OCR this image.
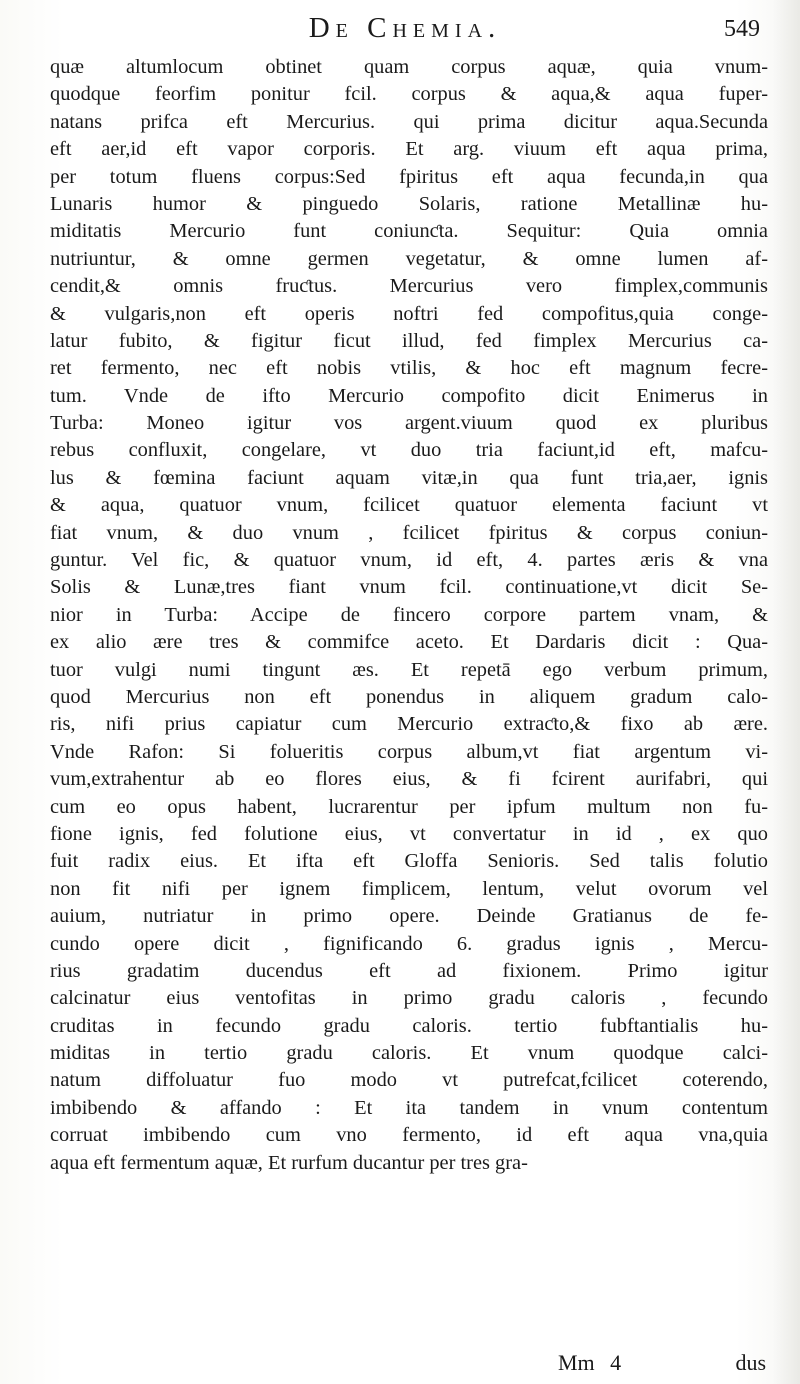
De Chemia.	549
quæ altumlocum obtinet quam corpus aquæ, quia vnum-
quodque feorfim ponitur fcil. corpus & aqua,& aqua fuper-
natans prifca eft Mercurius. qui prima dicitur aqua.Secunda
eft aer,id eft vapor corporis. Et arg. viuum eft aqua prima,
per totum fluens corpus:Sed fpiritus eft aqua fecunda,in qua
Lunaris humor & pinguedo Solaris, ratione Metallinæ hu-
miditatis Mercurio funt coniunƈta. Sequitur: Quia omnia
nutriuntur, & omne germen vegetatur, & omne lumen af-
cendit,& omnis fruƈtus. Mercurius vero fimplex,communis
& vulgaris,non eft operis noftri fed compofitus,quia conge-
latur fubito, & figitur ficut illud, fed fimplex Mercurius ca-
ret fermento, nec eft nobis vtilis, & hoc eft magnum fecre-
tum. Vnde de ifto Mercurio compofito dicit Enimerus in
Turba: Moneo igitur vos argent.viuum quod ex pluribus
rebus confluxit, congelare, vt duo tria faciunt,id eft, mafcu-
lus & fœmina faciunt aquam vitæ,in qua funt tria,aer, ignis
& aqua, quatuor vnum, fcilicet quatuor elementa faciunt vt
fiat vnum, & duo vnum , fcilicet fpiritus & corpus coniun-
guntur. Vel fic, & quatuor vnum, id eft, 4. partes æris & vna
Solis & Lunæ,tres fiant vnum fcil. continuatione,vt dicit Se-
nior in Turba: Accipe de fincero corpore partem vnam, &
ex alio ære tres & commifce aceto. Et Dardaris dicit : Qua-
tuor vulgi numi tingunt æs. Et repetā ego verbum primum,
quod Mercurius non eft ponendus in aliquem gradum calo-
ris, nifi prius capiatur cum Mercurio extraƈto,& fixo ab ære.
Vnde Rafon: Si folueritis corpus album,vt fiat argentum vi-
vum,extrahentur ab eo flores eius, & fi fcirent aurifabri, qui
cum eo opus habent, lucrarentur per ipfum multum non fu-
fione ignis, fed folutione eius, vt convertatur in id , ex quo
fuit radix eius. Et ifta eft Gloffa Senioris. Sed talis folutio
non fit nifi per ignem fimplicem, lentum, velut ovorum vel
auium, nutriatur in primo opere. Deinde Gratianus de fe-
cundo opere dicit , fignificando 6. gradus ignis , Mercu-
rius gradatim ducendus eft ad fixionem. Primo igitur
calcinatur eius ventofitas in primo gradu caloris , fecundo
cruditas in fecundo gradu caloris. tertio fubftantialis hu-
miditas in tertio gradu caloris. Et vnum quodque calci-
natum diffoluatur fuo modo vt putrefcat,fcilicet coterendo,
imbibendo & affando : Et ita tandem in vnum contentum
corruat imbibendo cum vno fermento, id eft aqua vna,quia
aqua eft fermentum aquæ, Et rurfum ducantur per tres gra-
Mm 4	dus
